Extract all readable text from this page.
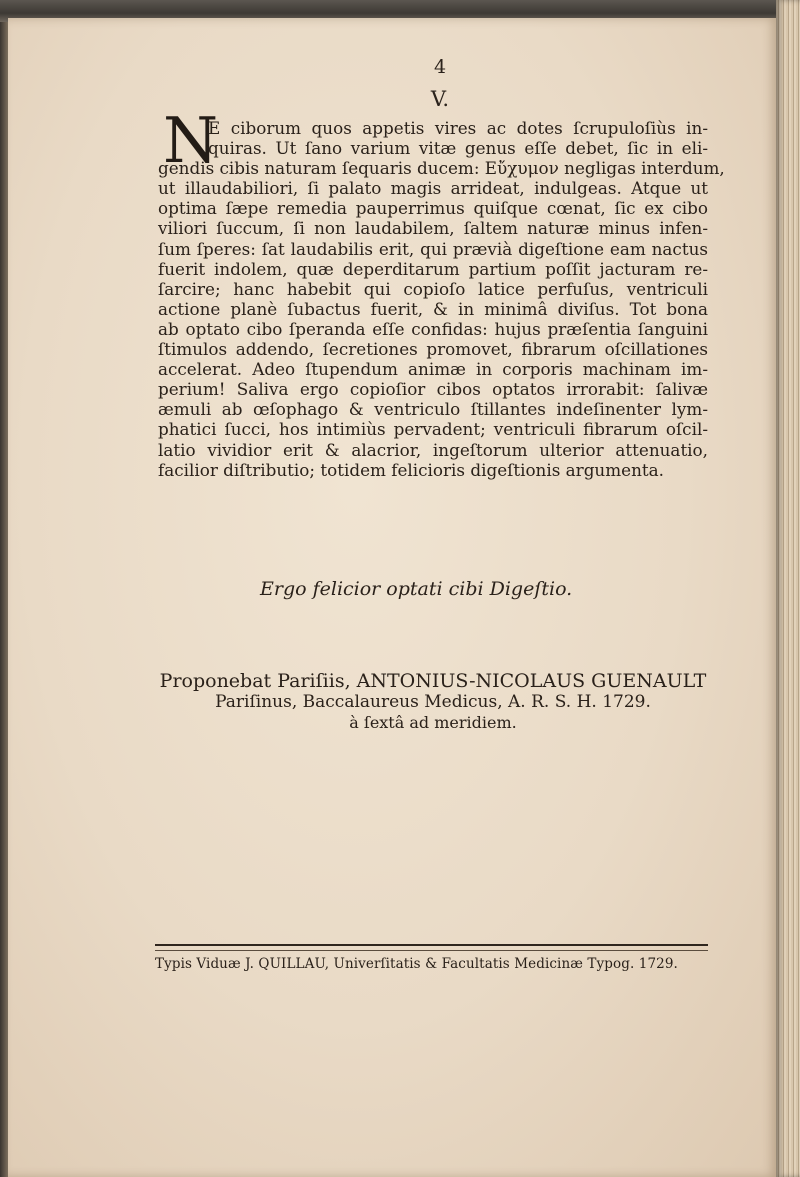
4
V.
N
E ciborum quos appetis vires ac dotes ſcrupuloſiùs in-
quiras. Ut ſano varium vitæ genus eſſe debet, ſic in eli-
gendis cibis naturam ſequaris ducem: Εὔχυμον negligas interdum,
ut illaudabiliori, ſi palato magis arrideat, indulgeas. Atque ut
optima ſæpe remedia pauperrimus quiſque cœnat, ſic ex cibo
viliori ſuccum, ſi non laudabilem, ſaltem naturæ minus infen-
ſum ſperes: ſat laudabilis erit, qui prævià digeſtione eam nactus
fuerit indolem, quæ deperditarum partium poſſit jacturam re-
ſarcire; hanc habebit qui copioſo latice perfuſus, ventriculi
actione planè ſubactus fuerit, & in minimâ diviſus. Tot bona
ab optato cibo ſperanda eſſe confidas: hujus præſentia ſanguini
ſtimulos addendo, ſecretiones promovet, fibrarum oſcillationes
accelerat. Adeo ſtupendum animæ in corporis machinam im-
perium! Saliva ergo copioſior cibos optatos irrorabit: ſalivæ
æmuli ab œſophago & ventriculo ſtillantes indeſinenter lym-
phatici ſucci, hos intimiùs pervadent; ventriculi fibrarum oſcil-
latio vividior erit & alacrior, ingeſtorum ulterior attenuatio,
facilior diſtributio; totidem felicioris digeſtionis argumenta.
Ergo felicior optati cibi Digeſtio.
Proponebat Pariſiis, ANTONIUS-NICOLAUS GUENAULT
Pariſinus, Baccalaureus Medicus, A. R. S. H. 1729.
à ſextâ ad meridiem.
Typis Viduæ J. QUILLAU, Univerſitatis & Facultatis Medicinæ Typog. 1729.
